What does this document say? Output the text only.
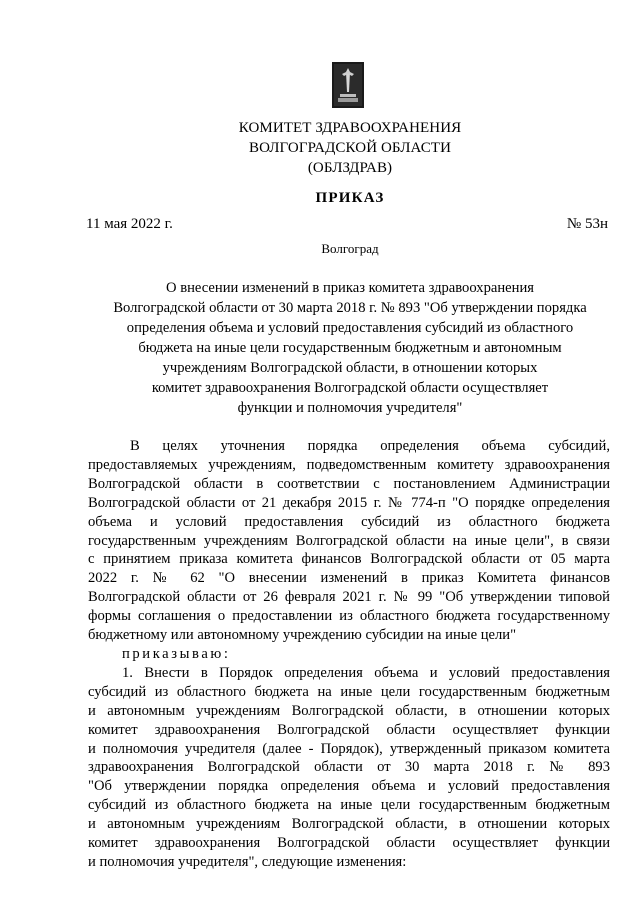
КОМИТЕТ ЗДРАВООХРАНЕНИЯ
ВОЛГОГРАДСКОЙ ОБЛАСТИ
(ОБЛЗДРАВ)
ПРИКАЗ
11 мая 2022 г.	№ 53н
Волгоград
О внесении изменений в приказ комитета здравоохранения
Волгоградской области от 30 марта 2018 г. № 893 "Об утверждении порядка
определения объема и условий предоставления субсидий из областного
бюджета на иные цели государственным бюджетным и автономным
учреждениям Волгоградской области, в отношении которых
комитет здравоохранения Волгоградской области осуществляет
функции и полномочия учредителя"
В целях уточнения порядка определения объема субсидий,
предоставляемых учреждениям, подведомственным комитету здравоохранения
Волгоградской области в соответствии с постановлением Администрации
Волгоградской области от 21 декабря 2015 г. № 774-п "О порядке определения
объема и условий предоставления субсидий из областного бюджета
государственным учреждениям Волгоградской области на иные цели", в связи
с принятием приказа комитета финансов Волгоградской области от 05 марта
2022 г. № 62 "О внесении изменений в приказ Комитета финансов
Волгоградской области от 26 февраля 2021 г. № 99 "Об утверждении типовой
формы соглашения о предоставлении из областного бюджета государственному
бюджетному или автономному учреждению субсидии на иные цели"
приказываю:
1. Внести в Порядок определения объема и условий предоставления
субсидий из областного бюджета на иные цели государственным бюджетным
и автономным учреждениям Волгоградской области, в отношении которых
комитет здравоохранения Волгоградской области осуществляет функции
и полномочия учредителя (далее - Порядок), утвержденный приказом комитета
здравоохранения Волгоградской области от 30 марта 2018 г. № 893
"Об утверждении порядка определения объема и условий предоставления
субсидий из областного бюджета на иные цели государственным бюджетным
и автономным учреждениям Волгоградской области, в отношении которых
комитет здравоохранения Волгоградской области осуществляет функции
и полномочия учредителя", следующие изменения:
